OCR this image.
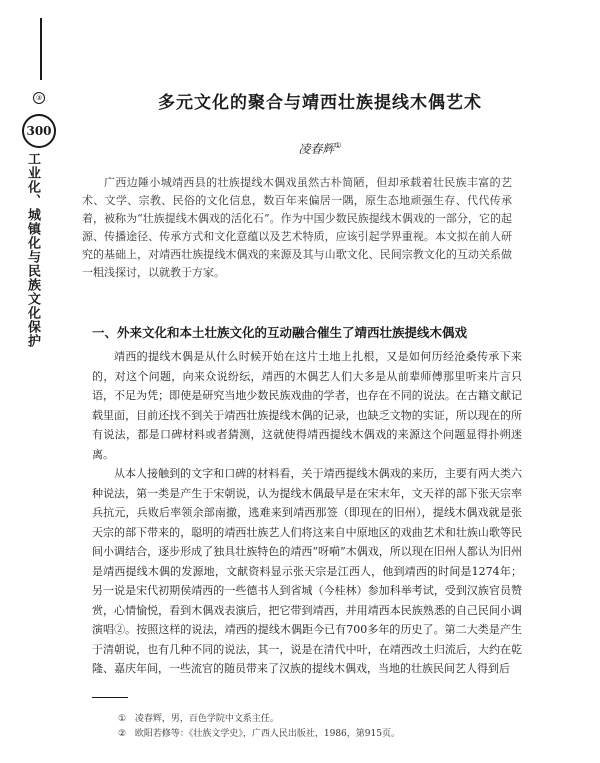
③
300
工业化、城镇化与民族文化保护
多元文化的聚合与靖西壮族提线木偶艺术
凌春辉①
广西边陲小城靖西县的壮族提线木偶戏虽然古朴简陋，但却承载着壮民族丰富的艺术、文学、宗教、民俗的文化信息，数百年来偏居一隅，原生态地顽强生存、代代传承着，被称为“壮族提线木偶戏的活化石”。作为中国少数民族提线木偶戏的一部分，它的起源、传播途径、传承方式和文化意蕴以及艺术特质，应该引起学界重视。本文拟在前人研究的基础上，对靖西壮族提线木偶戏的来源及其与山歌文化、民间宗教文化的互动关系做一粗浅探讨，以就教于方家。
一、外来文化和本土壮族文化的互动融合催生了靖西壮族提线木偶戏
靖西的提线木偶是从什么时候开始在这片土地上扎根，又是如何历经沧桑传承下来的，对这个问题，向来众说纷纭，靖西的木偶艺人们大多是从前辈师傅那里听来片言只语，不足为凭；即使是研究当地少数民族戏曲的学者，也存在不同的说法。在古籍文献记载里面，目前还找不到关于靖西壮族提线木偶的记录，也缺乏文物的实证，所以现在的所有说法，都是口碑材料或者猜测，这就使得靖西提线木偶戏的来源这个问题显得扑朔迷离。
从本人接触到的文字和口碑的材料看，关于靖西提线木偶戏的来历，主要有两大类六种说法，第一类是产生于宋朝说，认为提线木偶最早是在宋末年，文天祥的部下张天宗率兵抗元，兵败后率领余部南撤，逃难来到靖西那签（即现在的旧州），提线木偶戏就是张天宗的部下带来的，聪明的靖西壮族艺人们将这来自中原地区的戏曲艺术和壮族山歌等民间小调结合，逐步形成了独具壮族特色的靖西“呀嗬”木偶戏，所以现在旧州人都认为旧州是靖西提线木偶的发源地，文献资料显示张天宗是江西人，他到靖西的时间是1274年；另一说是宋代初期侯靖西的一些德书人到省城（今桂林）参加科举考试，受到汉族官员赞赏，心情愉悦，看到木偶戏表演后，把它带到靖西，并用靖西本民族熟悉的自己民间小调演唱②。按照这样的说法，靖西的提线木偶距今已有700多年的历史了。第二大类是产生于清朝说，也有几种不同的说法，其一，说是在清代中叶，在靖西改土归流后，大约在乾隆、嘉庆年间，一些流官的随员带来了汉族的提线木偶戏，当地的壮族民间艺人得到后
① 凌春辉，男，百色学院中文系主任。
② 欧阳若修等：《壮族文学史》，广西人民出版社，1986，第915页。
